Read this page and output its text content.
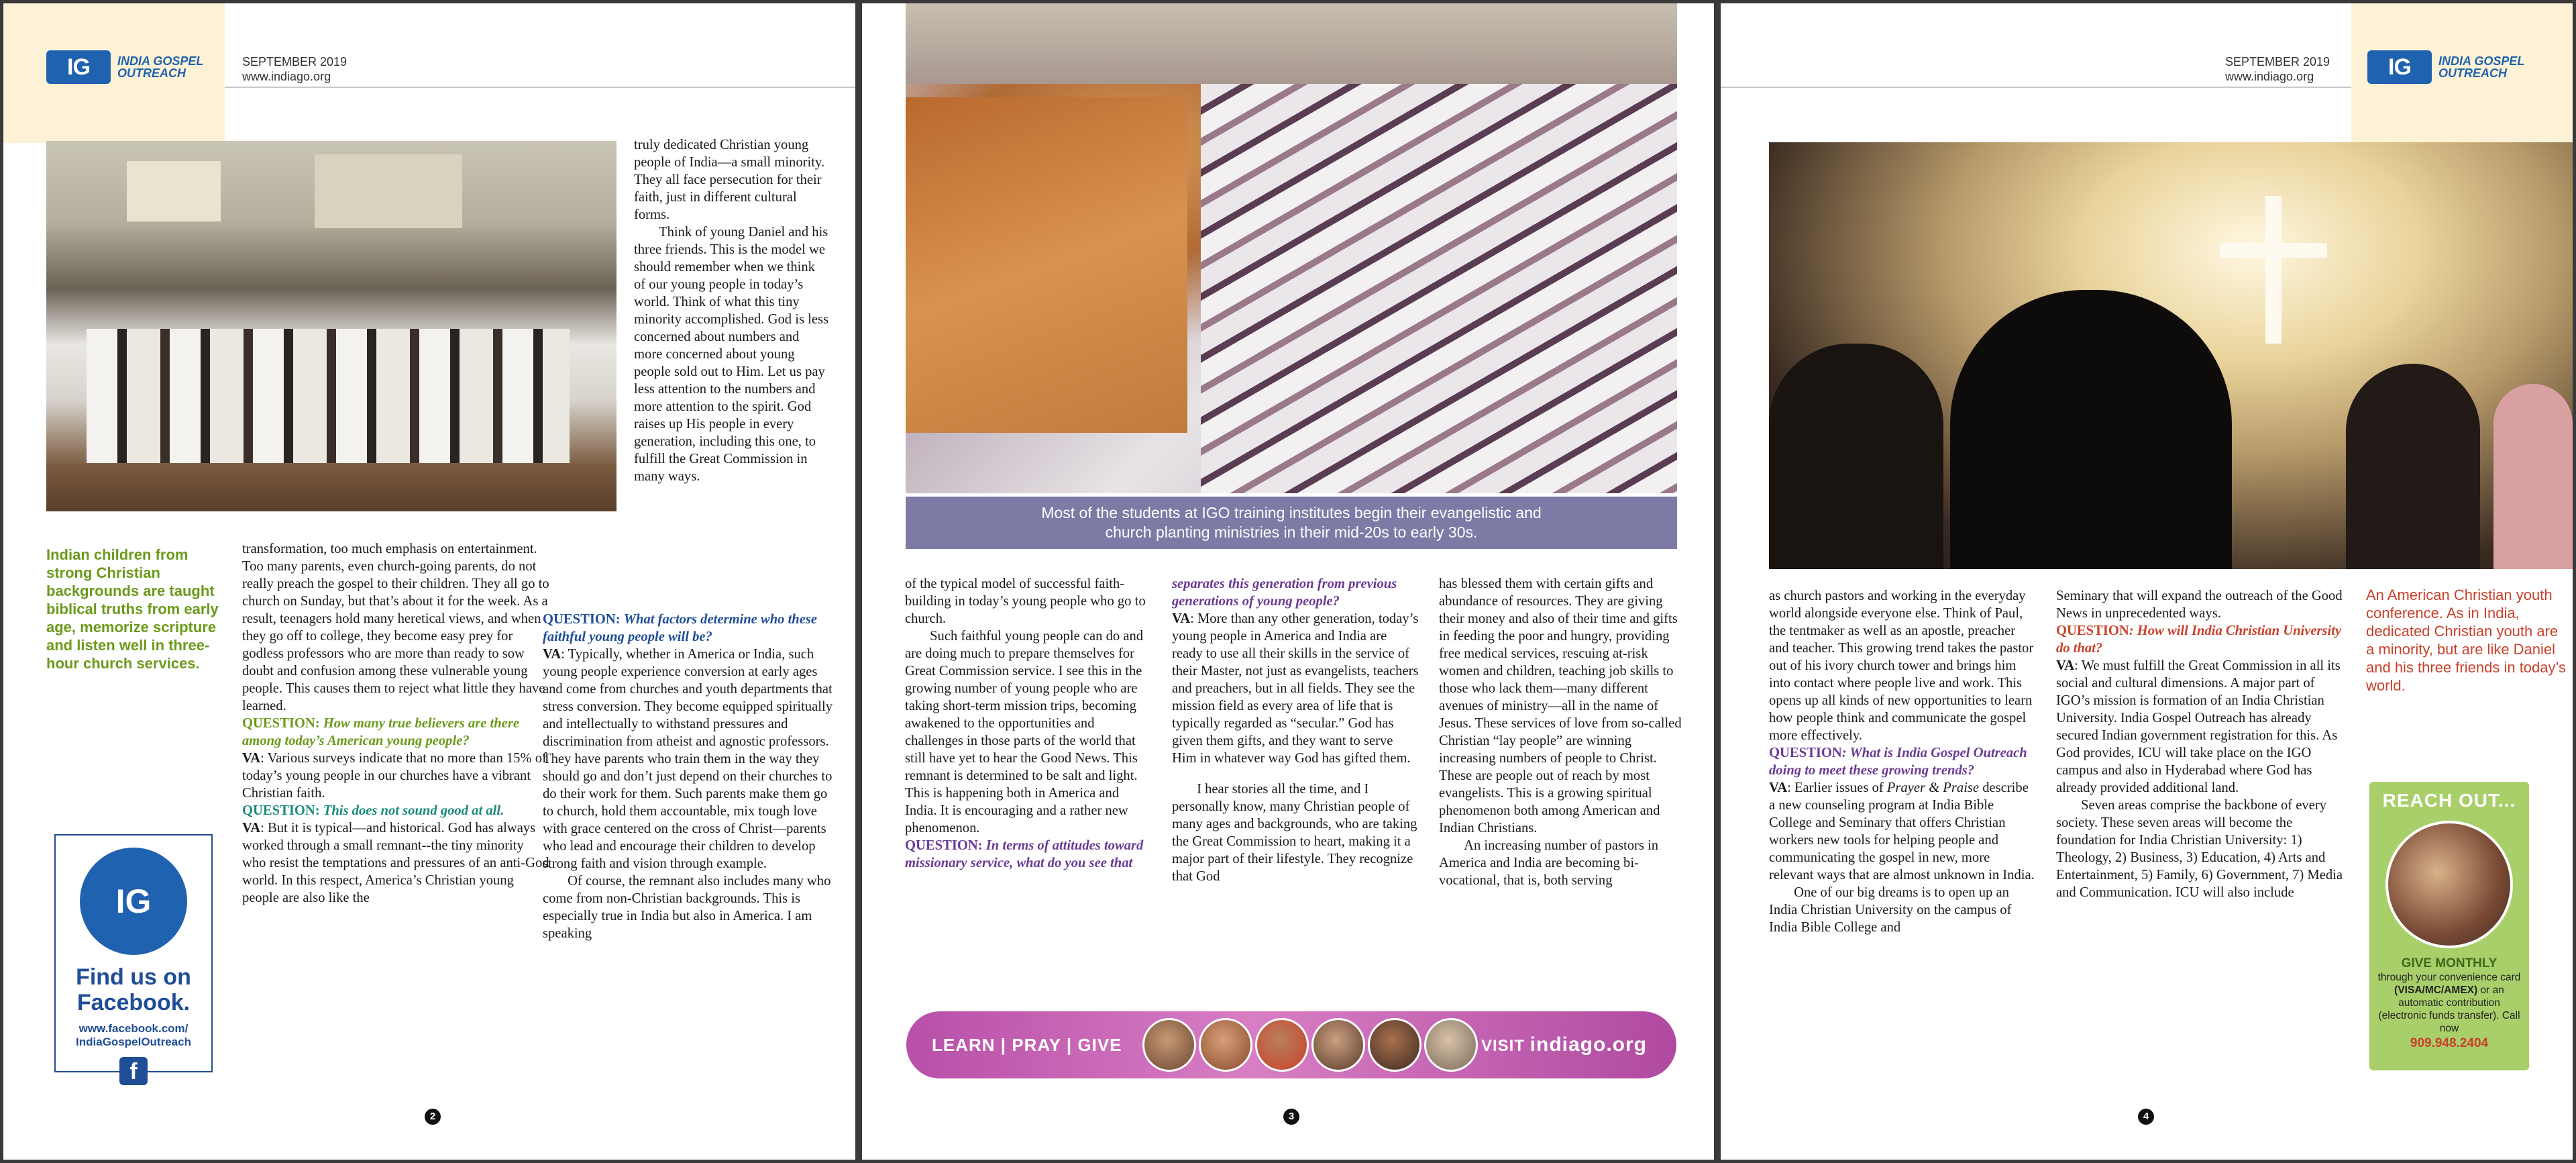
IG INDIA GOSPEL
OUTREACH
SEPTEMBER 2019
www.indiago.org
Indian children from strong Christian backgrounds are taught biblical truths from early age, memorize scripture and listen well in three-hour church services.

transformation, too much emphasis on entertainment. Too many parents, even church-going parents, do not really preach the gospel to their children. They all go to church on Sunday, but that’s about it for the week. As a result, teenagers hold many heretical views, and when they go off to college, they become easy prey for godless professors who are more than ready to sow doubt and confusion among these vulnerable young people. This causes them to reject what little they have learned.

QUESTION: How many true believers are there among today’s American young people?

VA: Various surveys indicate that no more than 15% of today’s young people in our churches have a vibrant Christian faith.

QUESTION: This does not sound good at all.

VA: But it is typical—and historical. God has always worked through a small remnant--the tiny minority who resist the temptations and pressures of an anti-God world. In this respect, America’s Christian young people are also like the

IG
Find us on
Facebook.
www.facebook.com/
IndiaGospelOutreach
f

truly dedicated Christian young people of India—a small minority. They all face persecution for their faith, just in different cultural forms.

Think of young Daniel and his three friends. This is the model we should remember when we think of our young people in today’s world. Think of what this tiny minority accomplished. God is less concerned about numbers and more concerned about young people sold out to Him. Let us pay less attention to the numbers and more attention to the spirit. God raises up His people in every generation, including this one, to fulfill the Great Commission in many ways.

QUESTION: What factors determine who these faithful young people will be?

VA: Typically, whether in America or India, such young people experience conversion at early ages and come from churches and youth departments that stress conversion. They become equipped spiritually and intellectually to withstand pressures and discrimination from atheist and agnostic professors. They have parents who train them in the way they should go and don’t just depend on their churches to do their work for them. Such parents make them go to church, hold them accountable, mix tough love with grace centered on the cross of Christ—parents who lead and encourage their children to develop strong faith and vision through example.

Of course, the remnant also includes many who come from non-Christian backgrounds. This is especially true in India but also in America. I am speaking

2
Most of the students at IGO training institutes begin their evangelistic and church planting ministries in their mid-20s to early 30s.

of the typical model of successful faith-building in today’s young people who go to church.

Such faithful young people can do and are doing much to prepare themselves for Great Commission service. I see this in the growing number of young people who are taking short-term mission trips, becoming awakened to the opportunities and challenges in those parts of the world that still have yet to hear the Good News. This remnant is determined to be salt and light. This is happening both in America and India. It is encouraging and a rather new phenomenon.

QUESTION: In terms of attitudes toward missionary service, what do you see that

separates this generation from previous generations of young people?

VA: More than any other generation, today’s young people in America and India are ready to use all their skills in the service of their Master, not just as evangelists, teachers and preachers, but in all fields. They see the mission field as every area of life that is typically regarded as “secular.” God has given them gifts, and they want to serve Him in whatever way God has gifted them.

I hear stories all the time, and I personally know, many Christian people of many ages and backgrounds, who are taking the Great Commission to heart, making it a major part of their lifestyle. They recognize that God

has blessed them with certain gifts and abundance of resources. They are giving their money and also of their time and gifts in feeding the poor and hungry, providing free medical services, rescuing at-risk women and children, teaching job skills to those who lack them—many different avenues of ministry—all in the name of Jesus. These services of love from so-called Christian “lay people” are winning increasing numbers of people to Christ. These are people out of reach by most evangelists. This is a growing spiritual phenomenon both among American and Indian Christians.

An increasing number of pastors in America and India are becoming bi-vocational, that is, both serving

LEARN | PRAY | GIVE	VISIT indiago.org
3
SEPTEMBER 2019
www.indiago.org	IG INDIA GOSPEL
OUTREACH
An American Christian youth conference. As in India, dedicated Christian youth are a minority, but are like Daniel and his three friends in today’s world.

as church pastors and working in the everyday world alongside everyone else. Think of Paul, the tentmaker as well as an apostle, preacher and teacher. This growing trend takes the pastor out of his ivory church tower and brings him into contact where people live and work. This opens up all kinds of new opportunities to learn how people think and communicate the gospel more effectively.

QUESTION: What is India Gospel Outreach doing to meet these growing trends?

VA: Earlier issues of Prayer & Praise describe a new counseling program at India Bible College and Seminary that offers Christian workers new tools for helping people and communicating the gospel in new, more relevant ways that are almost unknown in India.

One of our big dreams is to open up an India Christian University on the campus of India Bible College and

Seminary that will expand the outreach of the Good News in unprecedented ways.

QUESTION: How will India Christian University do that?

VA: We must fulfill the Great Commission in all its social and cultural dimensions. A major part of IGO’s mission is formation of an India Christian University. India Gospel Outreach has already secured Indian government registration for this. As God provides, ICU will take place on the IGO campus and also in Hyderabad where God has already provided additional land.

Seven areas comprise the backbone of every society. These seven areas will become the foundation for India Christian University: 1) Theology, 2) Business, 3) Education, 4) Arts and Entertainment, 5) Family, 6) Government, 7) Media and Communication. ICU will also include

REACH OUT...
GIVE MONTHLY
through your convenience card (VISA/MC/AMEX) or an automatic contribution (electronic funds transfer). Call now
909.948.2404
4
